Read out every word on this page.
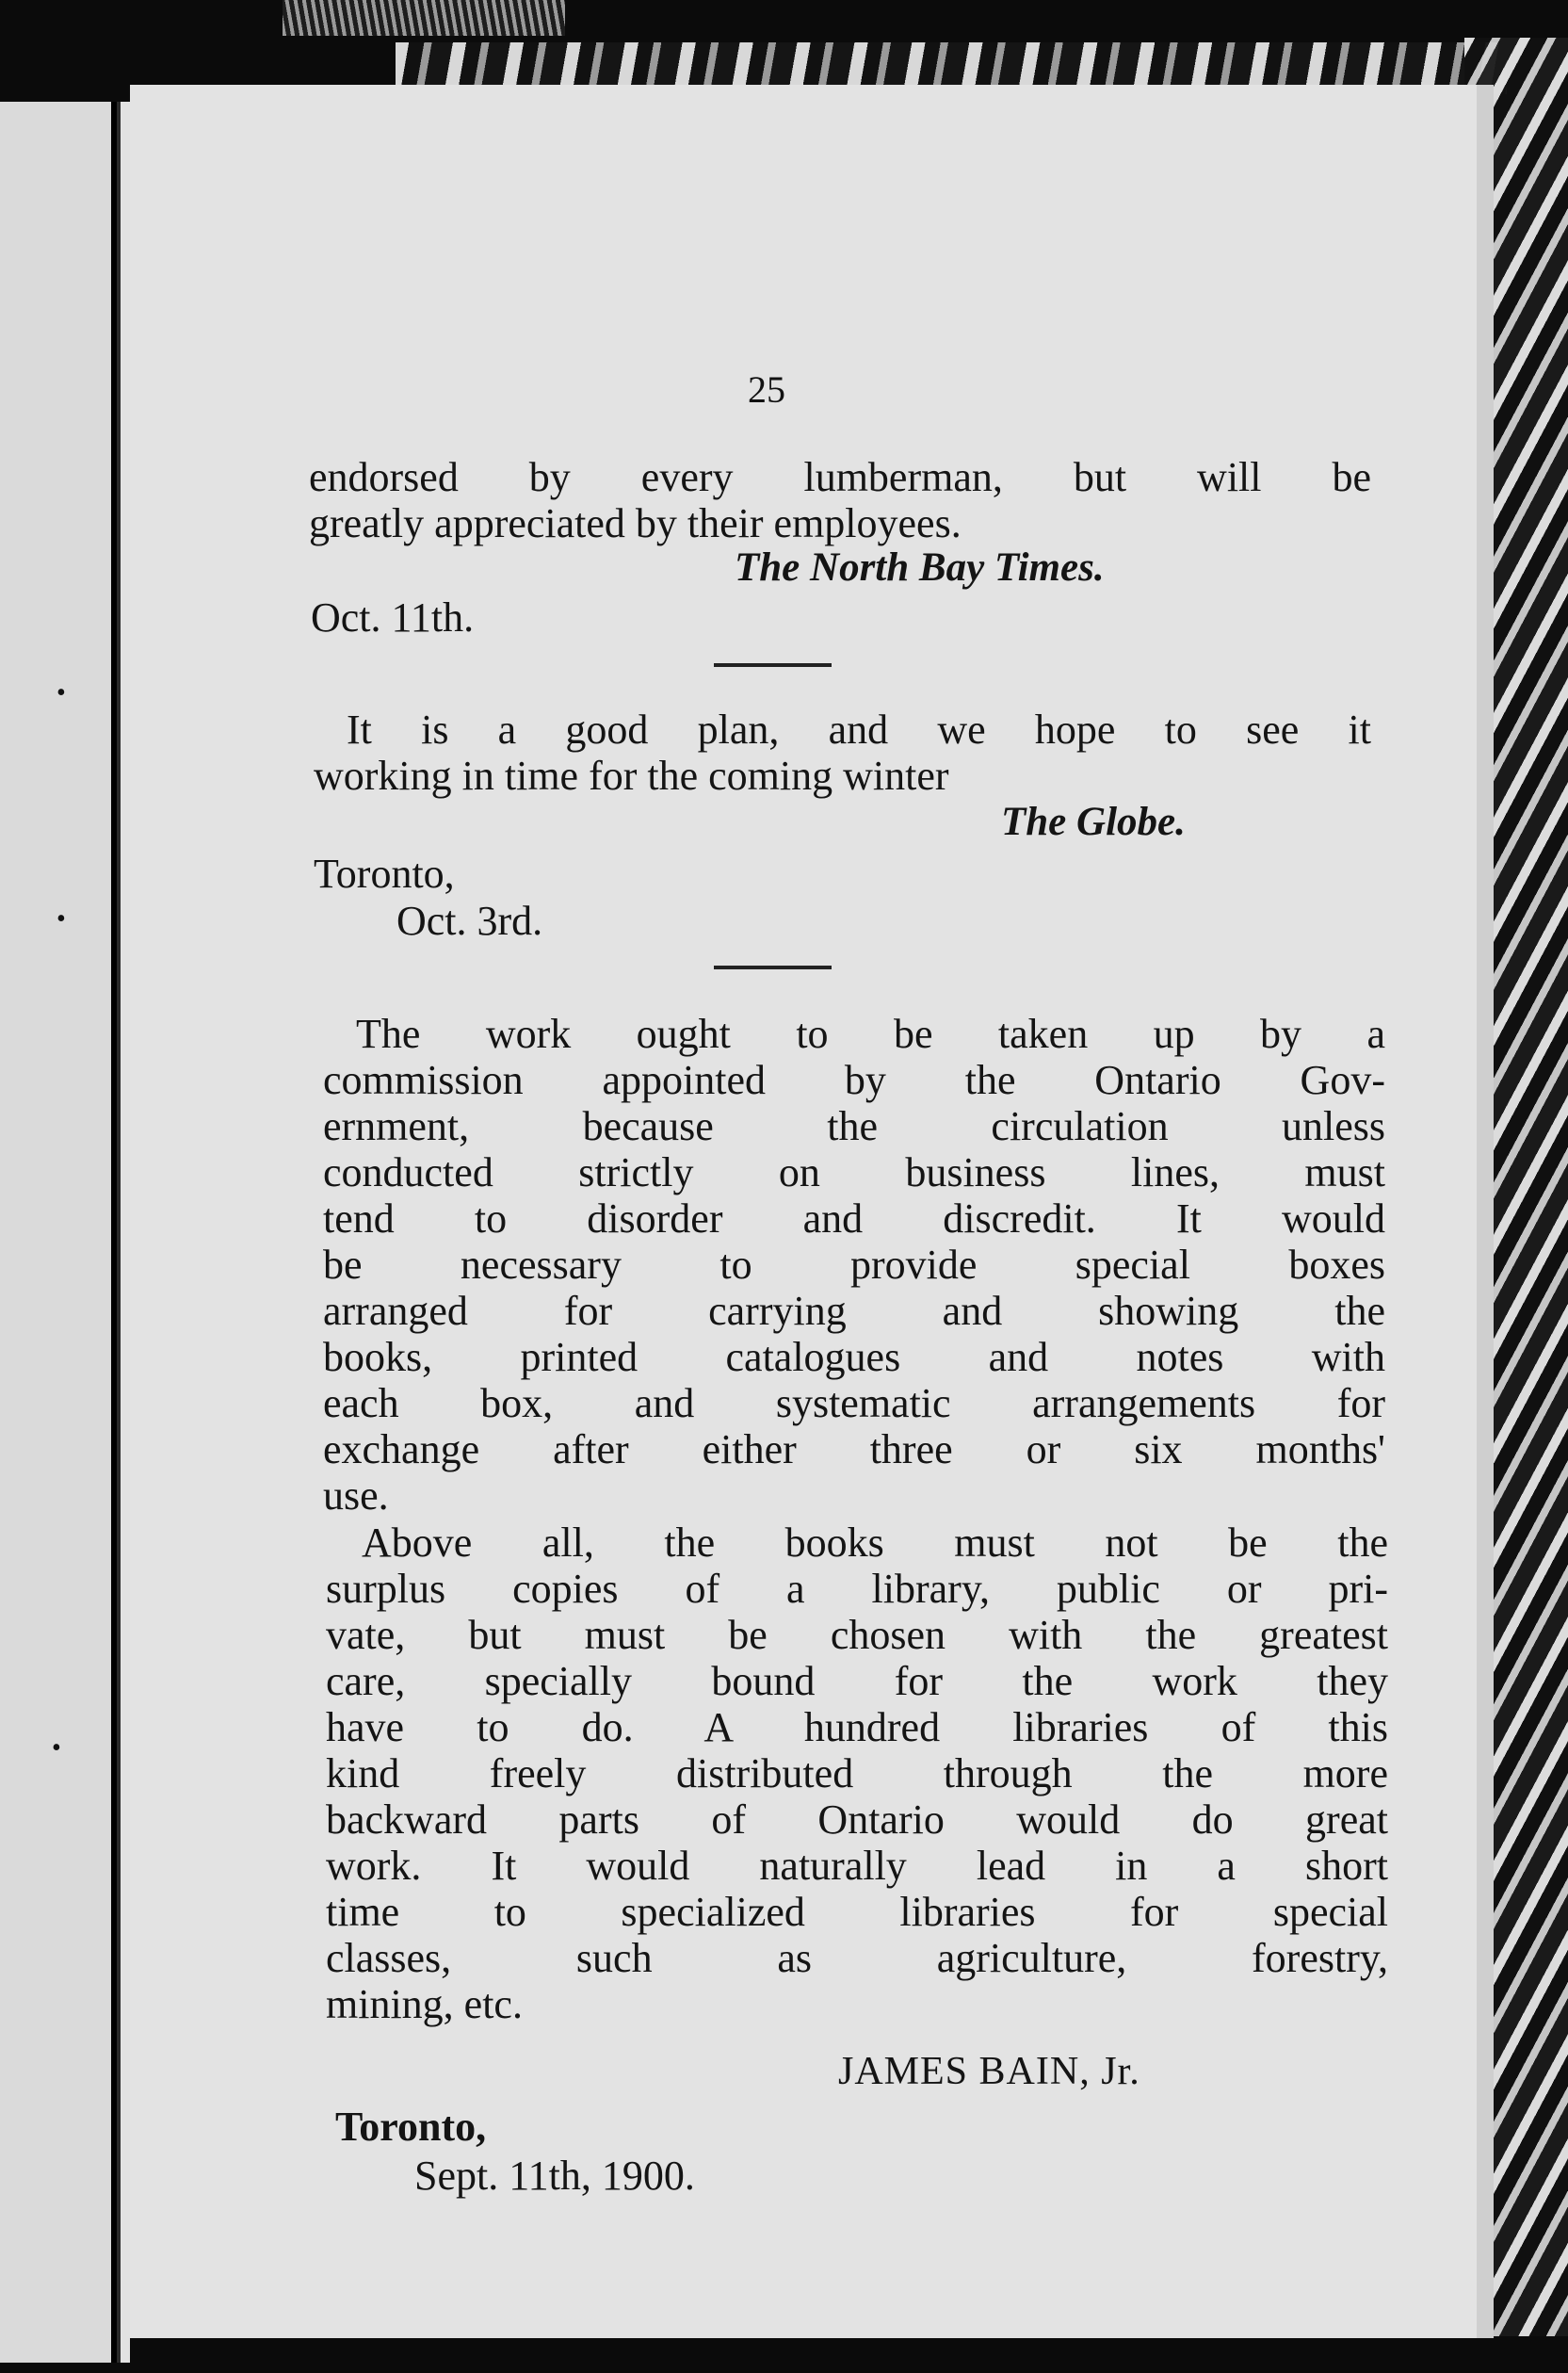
•
•
•
25
endorsed by every lumberman, but will be
greatly appreciated by their employees.
The North Bay Times.
Oct. 11th.
It is a good plan, and we hope to see it
working in time for the coming winter
The Globe.
Toronto,
Oct. 3rd.
The work ought to be taken up by a
commission appointed by the Ontario Gov-
ernment, because the circulation unless
conducted strictly on business lines, must
tend to disorder and discredit. It would
be necessary to provide special boxes
arranged for carrying and showing the
books, printed catalogues and notes with
each box, and systematic arrangements for
exchange after either three or six months'
use.
Above all, the books must not be the
surplus copies of a library, public or pri-
vate, but must be chosen with the greatest
care, specially bound for the work they
have to do. A hundred libraries of this
kind freely distributed through the more
backward parts of Ontario would do great
work. It would naturally lead in a short
time to specialized libraries for special
classes, such as agriculture, forestry,
mining, etc.
JAMES BAIN, Jr.
Toronto,
Sept. 11th, 1900.
